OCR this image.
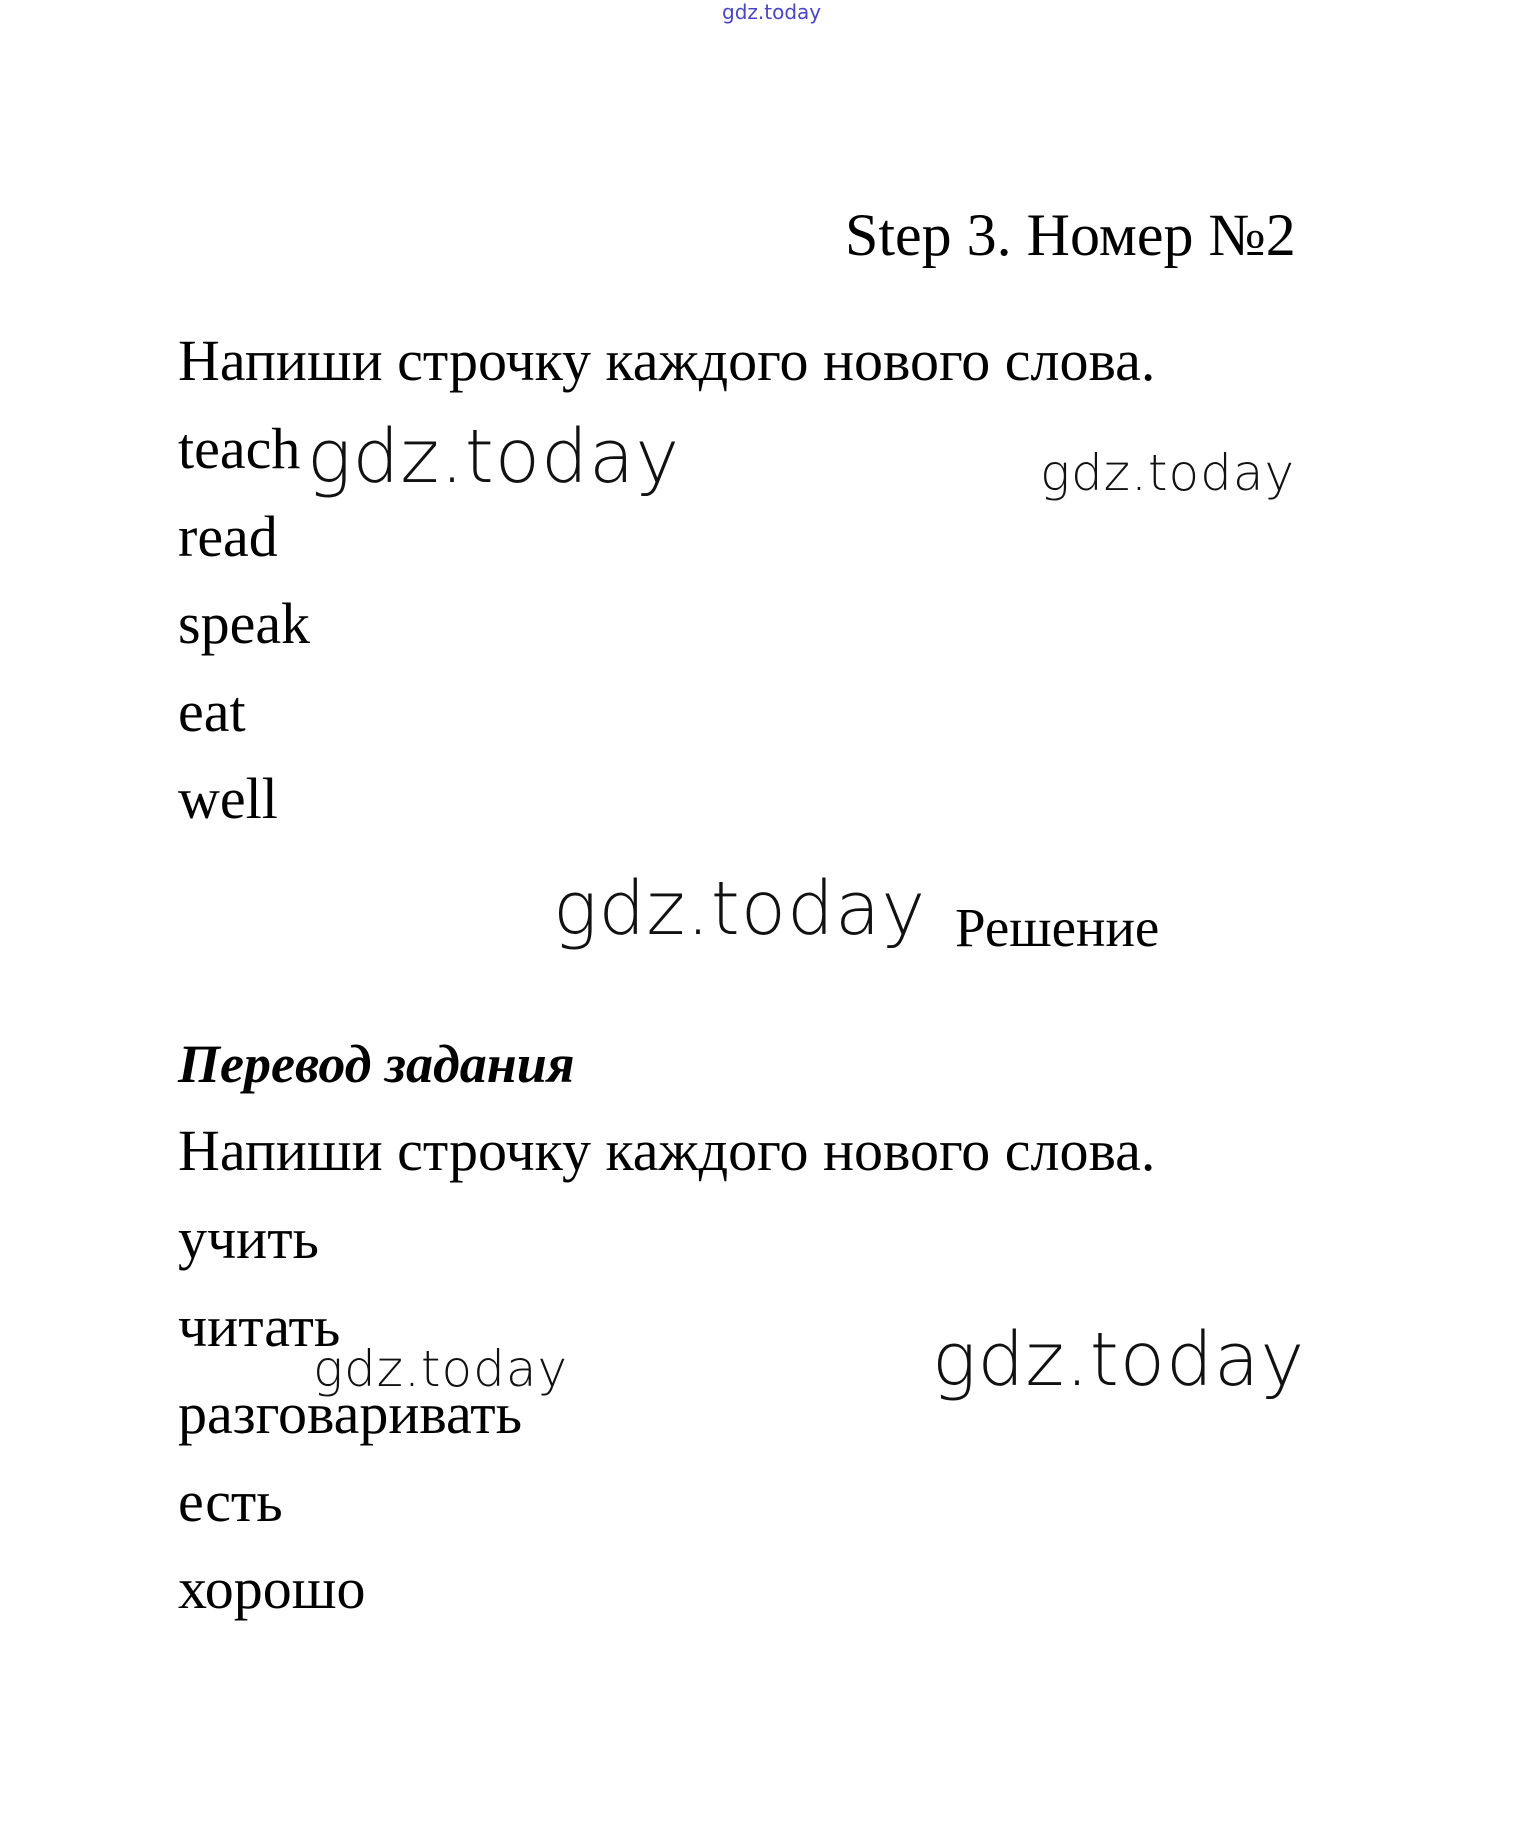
gdz.today
Step 3. Номер №2
Напиши строчку каждого нового слова.
teach
read
speak
eat
well
gdz.today	gdz.today
gdz.today Решение
Перевод задания
Напиши строчку каждого нового слова.
учить
читать
разговаривать
есть
хорошо
gdz.today	gdz.today
